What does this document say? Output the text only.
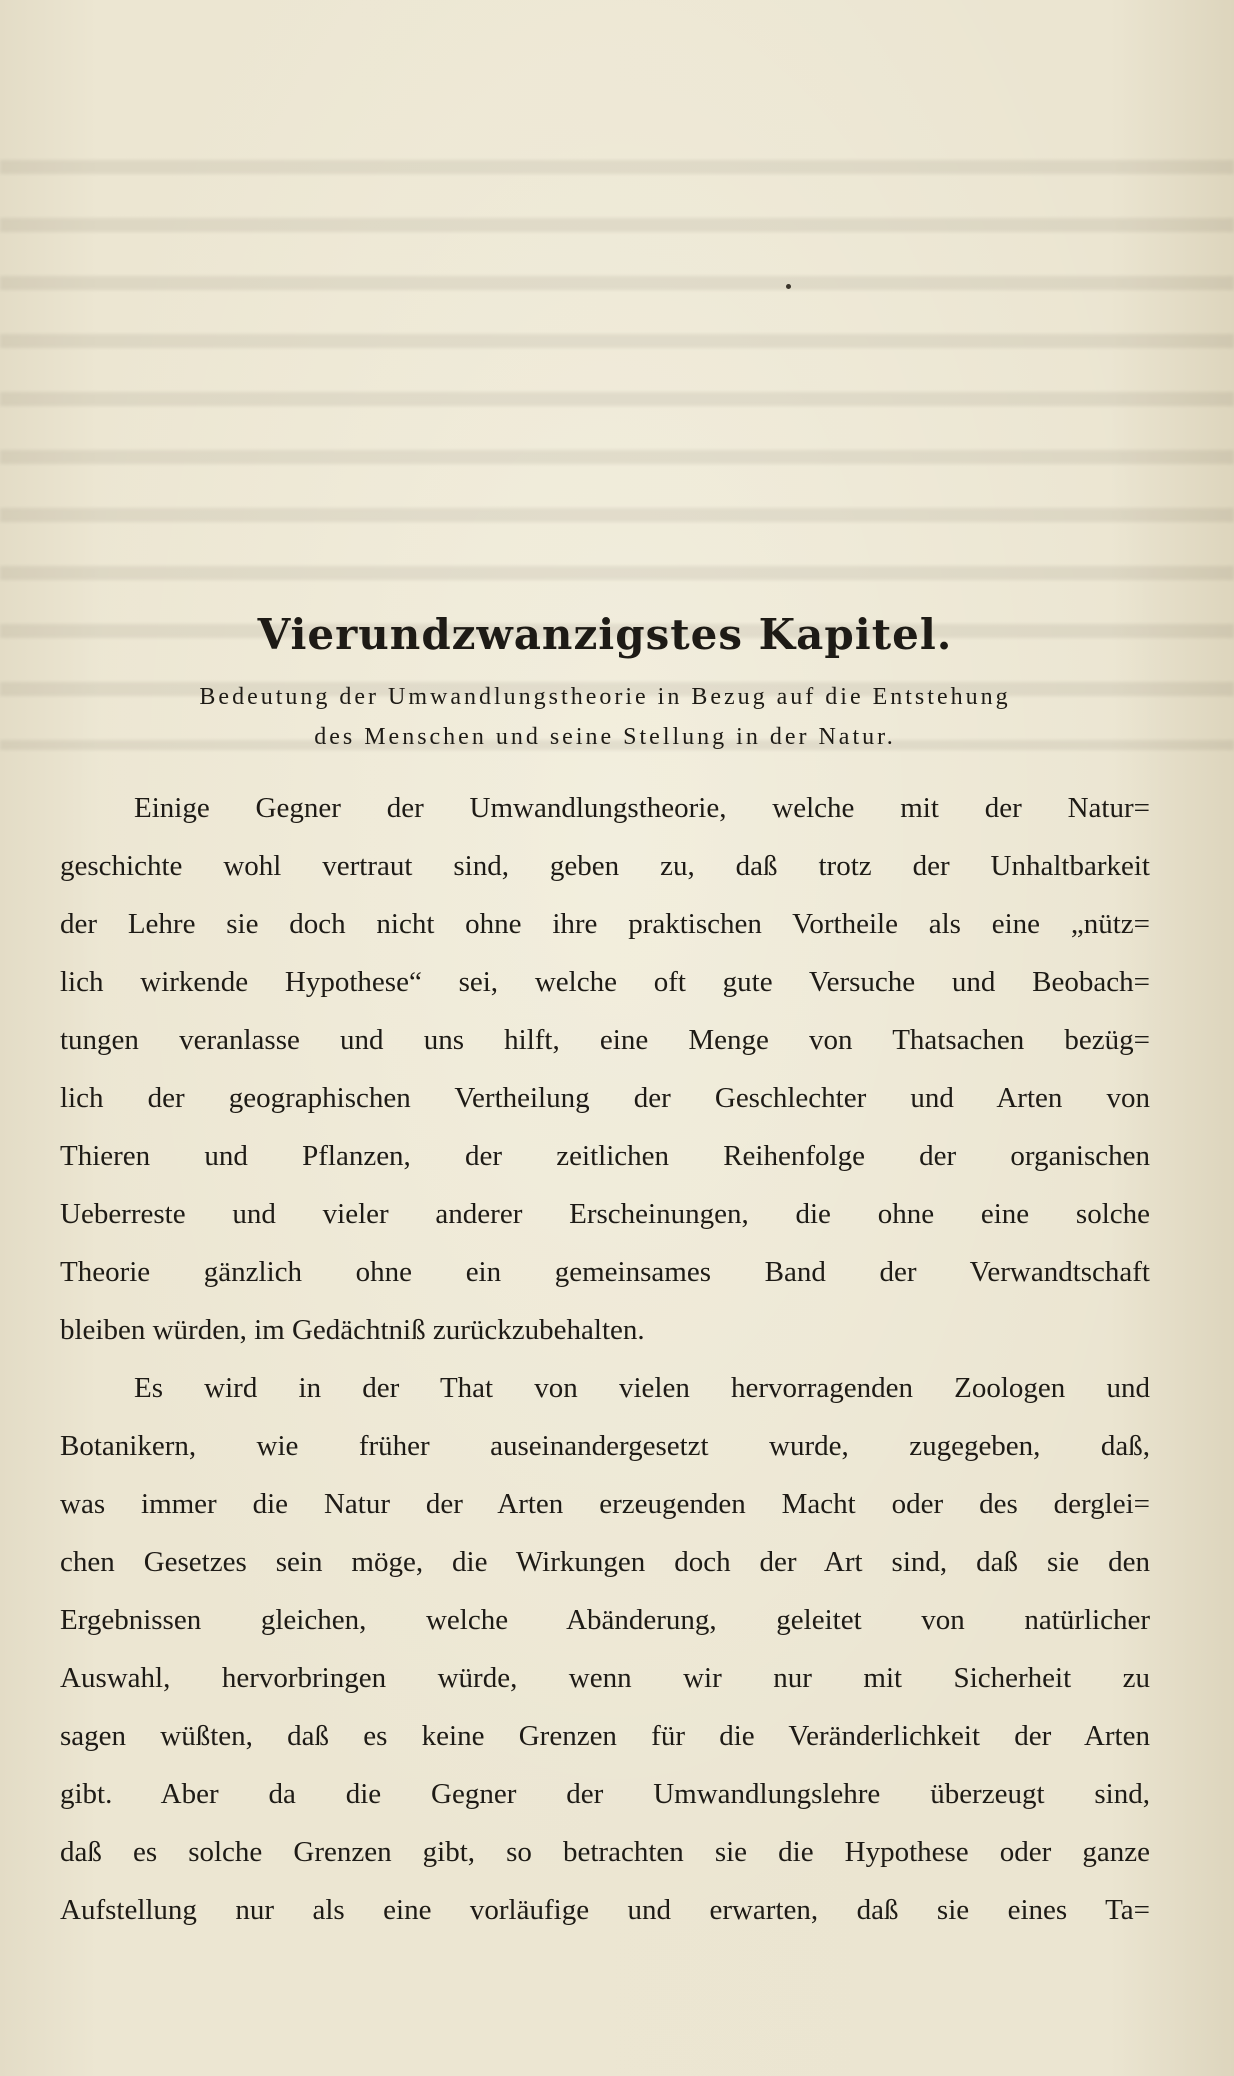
Vierundzwanzigstes Kapitel.
Bedeutung der Umwandlungstheorie in Bezug auf die Entstehung
des Menschen und seine Stellung in der Natur.

Einige Gegner der Umwandlungstheorie, welche mit der Natur=
geschichte wohl vertraut sind, geben zu, daß trotz der Unhaltbarkeit
der Lehre sie doch nicht ohne ihre praktischen Vortheile als eine „nütz=
lich wirkende Hypothese“ sei, welche oft gute Versuche und Beobach=
tungen veranlasse und uns hilft, eine Menge von Thatsachen bezüg=
lich der geographischen Vertheilung der Geschlechter und Arten von
Thieren und Pflanzen, der zeitlichen Reihenfolge der organischen
Ueberreste und vieler anderer Erscheinungen, die ohne eine solche
Theorie gänzlich ohne ein gemeinsames Band der Verwandtschaft
bleiben würden, im Gedächtniß zurückzubehalten.

Es wird in der That von vielen hervorragenden Zoologen und
Botanikern, wie früher auseinandergesetzt wurde, zugegeben, daß,
was immer die Natur der Arten erzeugenden Macht oder des derglei=
chen Gesetzes sein möge, die Wirkungen doch der Art sind, daß sie den
Ergebnissen gleichen, welche Abänderung, geleitet von natürlicher
Auswahl, hervorbringen würde, wenn wir nur mit Sicherheit zu
sagen wüßten, daß es keine Grenzen für die Veränderlichkeit der Arten
gibt. Aber da die Gegner der Umwandlungslehre überzeugt sind,
daß es solche Grenzen gibt, so betrachten sie die Hypothese oder ganze
Aufstellung nur als eine vorläufige und erwarten, daß sie eines Ta=
